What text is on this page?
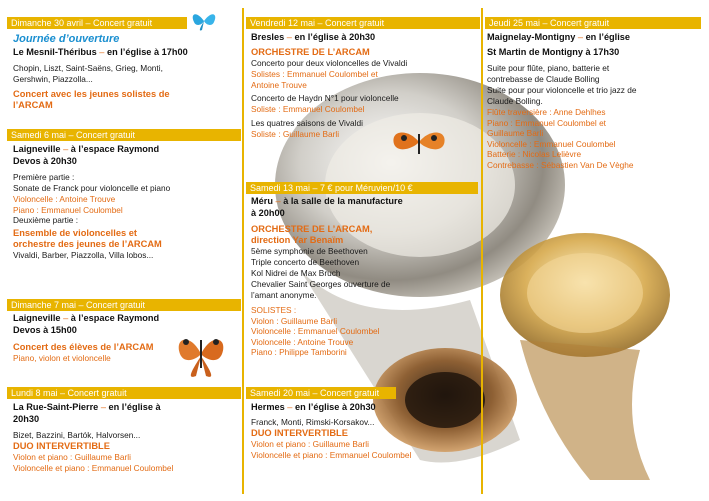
Dimanche 30 avril – Concert gratuit
Journée d’ouverture
Le Mesnil-Théribus – en l’église à 17h00
Chopin, Liszt, Saint-Saëns, Grieg, Monti,
Gershwin, Piazzolla...
Concert avec les jeunes solistes de
l’ARCAM
Samedi 6 mai – Concert gratuit
Laigneville – à l’espace Raymond
Devos à 20h30
Première partie :
Sonate de Franck pour violoncelle et piano
Violoncelle : Antoine Trouve
Piano : Emmanuel Coulombel
Deuxième partie :
Ensemble de violoncelles et
orchestre des jeunes de l’ARCAM
Vivaldi, Barber, Piazzolla, Villa lobos...
Dimanche 7 mai – Concert gratuit
Laigneville – à l’espace Raymond
Devos à 15h00
Concert des élèves de l’ARCAM
Piano, violon et violoncelle
Lundi 8 mai – Concert gratuit
La Rue-Saint-Pierre – en l’église à
20h30
Bizet, Bazzini, Bartók, Halvorsen...
DUO INTERVERTIBLE
Violon et piano : Guillaume Barli
Violoncelle et piano : Emmanuel Coulombel
Vendredi 12 mai – Concert gratuit
Bresles – en l’église à 20h30
ORCHESTRE DE L’ARCAM
Concerto pour deux violoncelles de Vivaldi
Solistes : Emmanuel Coulombel et
Antoine Trouve
Concerto de Haydn N°1 pour violoncelle
Soliste : Emmanuel Coulombel
Les quatres saisons de Vivaldi
Soliste : Guillaume Barli
Samedi 13 mai – 7 € pour Méruvien/10 €
Méru – à la salle de la manufacture
à 20h00
ORCHESTRE DE L’ARCAM,
direction Yar Benaïm
5ème symphonie de Beethoven
Triple concerto de Beethoven
Kol Nidrei de Max Bruch
Chevalier Saint Georges ouverture de
l’amant anonyme.
SOLISTES :
Violon : Guillaume Barli
Violoncelle : Emmanuel Coulombel
Violoncelle : Antoine Trouve
Piano : Philippe Tamborini
Samedi 20 mai – Concert gratuit
Hermes – en l’église à 20h30
Franck, Monti, Rimski-Korsakov...
DUO INTERVERTIBLE
Violon et piano : Guillaume Barli
Violoncelle et piano : Emmanuel Coulombel
Jeudi 25 mai – Concert gratuit
Maignelay-Montigny – en l’église
St Martin de Montigny à 17h30
Suite pour flûte, piano, batterie et
contrebasse de Claude Bolling
Suite pour pour violoncelle et trio jazz de
Claude Bolling.
Flûte traversière : Anne Dehlhes
Piano : Emmanuel Coulombel et
Guillaume Barli
Violoncelle : Emmanuel Coulombel
Batterie : Nicolas Lelièvre
Contrebasse : Sébastien Van De Vèghe
